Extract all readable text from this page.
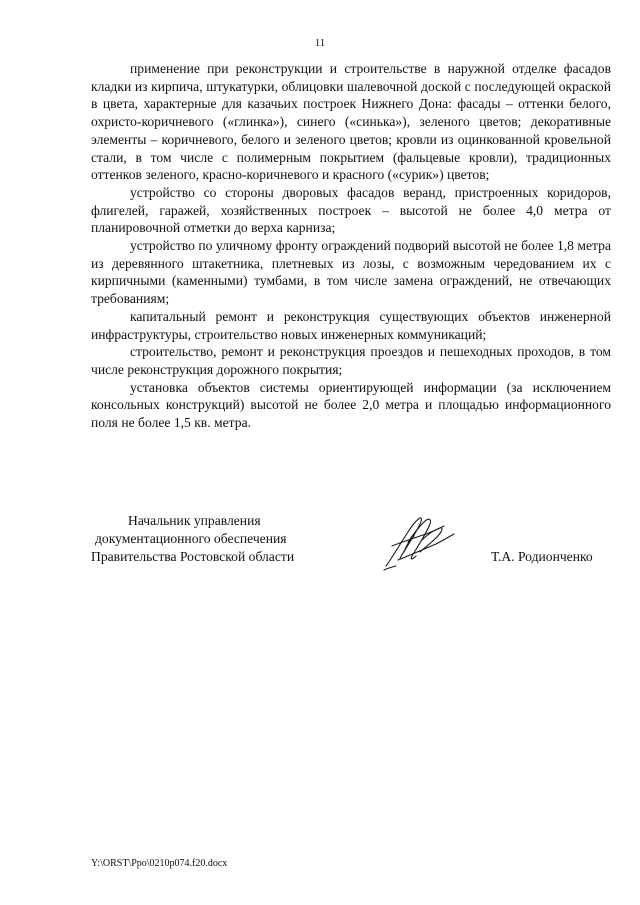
11

применение при реконструкции и строительстве в наружной отделке фасадов кладки из кирпича, штукатурки, облицовки шалевочной доской с последующей окраской в цвета, характерные для казачьих построек Нижнего Дона: фасады – оттенки белого, охристо-коричневого («глинка»), синего («синька»), зеленого цветов; декоративные элементы – коричневого, белого и зеленого цветов; кровли из оцинкованной кровельной стали, в том числе с полимерным покрытием (фальцевые кровли), традиционных оттенков зеленого, красно-коричневого и красного («сурик») цветов;

устройство со стороны дворовых фасадов веранд, пристроенных коридоров, флигелей, гаражей, хозяйственных построек – высотой не более 4,0 метра от планировочной отметки до верха карниза;

устройство по уличному фронту ограждений подворий высотой не более 1,8 метра из деревянного штакетника, плетневых из лозы, с возможным чередованием их с кирпичными (каменными) тумбами, в том числе замена ограждений, не отвечающих требованиям;

капитальный ремонт и реконструкция существующих объектов инженерной инфраструктуры, строительство новых инженерных коммуникаций;

строительство, ремонт и реконструкция проездов и пешеходных проходов, в том числе реконструкция дорожного покрытия;

установка объектов системы ориентирующей информации (за исключением консольных конструкций) высотой не более 2,0 метра и площадью информационного поля не более 1,5 кв. метра.

Начальник управления
документационного обеспечения
Правительства Ростовской области	Т.А. Родионченко
Y:\ORST\Ppo\0210p074.f20.docx
